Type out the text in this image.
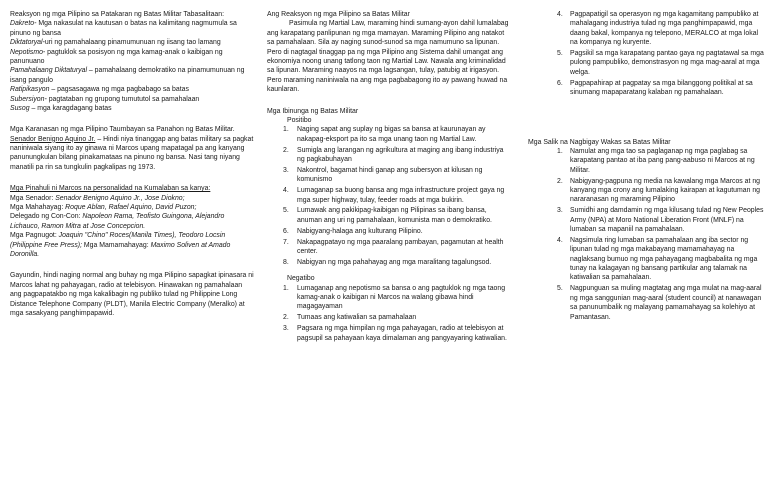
Reaksyon ng mga Pilipino sa Patakaran ng Batas Militar Tabasalitaan:

Dakreto- Mga nakasulat na kautusan o batas na kalimitang nagmumula sa pinuno ng bansa

Diktatoryal-uri ng pamahalaang pinamumunuan ng iisang tao lamang

Nepotismo- pagtuklok sa posisyon ng mga kamag-anak o kaibigan ng panunuano

Pamahalaang Diktaturyal – pamahalaang demokratiko na pinamumunuan ng isang pangulo

Ratipikasyon – pagsasagawa ng mga pagbabago sa batas

Subersiyon- pagtataban ng grupong tumututol sa pamahalaan

Susog – mga karagdagang batas

Mga Karanasan ng mga Pilipino Taumbayan sa Panahon ng Batas Militar.

Senador Benigno Aquino Jr. – Hindi niya tinanggap ang batas military sa pagkat naniniwala siyang ito ay ginawa ni Marcos upang mapatagal pa ang kanyang panunungkulan bilang pinakamataas na pinuno ng bansa. Nasi tang niyang manatili pa rin sa tungkulin pagkalipas ng 1973.

Mga Pinahuli ni Marcos na personalidad na Kumalaban sa kanya:

Mga Senador: Senador Benigno Aquino Jr., Jose Diokno;
Mga Mahahayag: Roque Ablan, Rafael Aquino, David Puzon;
Delegado ng Con-Con: Napoleon Rama, Teofisto Guingona, Alejandro Lichauco, Ramon Mitra at Jose Concepcion.
Mga Pagnugot: Joaquin "Chino" Roces(Manila Times), Teodoro Locsin (Philippine Free Press); Mga Mamamahayag: Maximo Soliven at Amado Doronilla.

Gayundin, hindi naging normal ang buhay ng mga Pilipino sapagkat ipinasara ni Marcos lahat ng pahayagan, radio at telebisyon. Hinawakan ng pamahalaan ang pagpapatakbo ng mga kakalibagin ng publiko tulad ng Philippine Long Distance Telephone Company (PLDT), Manila Electric Company (Meralko) at mga sasakyang panghimpapawid.

Ang Reaksyon ng mga Pilipino sa Batas Militar

Pasimula ng Martial Law, maraming hindi sumang-ayon dahil lumalabag ang karapatang panlipunan ng mga mamayan. Maraming Pilipino ang natakot sa pamahalaan. Sila ay naging sunod-sunod sa mga namumuno sa lipunan. Pero di nagtagal tinaggap pa ng mga Pilipino ang Sistema dahil umangat ang ekonomiya noong unang tatlong taon ng Martial Law. Nawala ang kriminalidad sa lipunan. Maraming naayos na mga lagsangan, tulay, patubig at irigasyon. Pero maraming naniniwala na ang mga pagbabagong ito ay pawang huwad na kaunlaran.

Mga Ibinunga ng Batas Militar

Positibo

1. Naging sapat ang suplay ng bigas sa bansa at kaurunayan ay nakapag-eksport pa ito sa mga unang taon ng Martial Law.
2. Sumigla ang larangan ng agrikultura at maging ang ibang industriya ng pagkabuhayan
3. Nakontrol, bagamat hindi ganap ang subersyon at kilusan ng komunismo
4. Lumaganap sa buong bansa ang mga infrastructure project gaya ng mga super highway, tulay, feeder roads at mga bukirin.
5. Lumawak ang pakikipag-kaibigan ng Pilipinas sa ibang bansa, anuman ang uri ng pamahalaan, komunista man o demokratiko.
6. Nabigyang-halaga ang kulturang Pilipino.
7. Nakapagpatayo ng mga paaralang pambayan, pagamutan at health center.
8. Nabigyan ng mga pahahayag ang mga maralitang tagalungsod.

Negatibo

1. Lumaganap ang nepotismo sa bansa o ang pagtuklok ng mga taong kamag-anak o kaibigan ni Marcos na walang gibawa hindi magagayaman
2. Tumaas ang katiwalian sa pamahalaan
3. Pagsara ng mga himpilan ng mga pahayagan, radio at telebisyon at pagsupil sa pahayaan kaya dimalaman ang pangyayaring katiwalian.
4. Pagpapatigil sa operasyon ng mga kagamitang pampubliko at mahalagang industriya tulad ng mga panghimpapawid, mga daang bakal, kompanya ng telepono, MERALCO at mga lokal na kompanya ng kuryente.
5. Pagsikil sa mga karapatang pantao gaya ng pagtatawal sa mga pulong pampubliko, demonstrasyon ng mga mag-aaral at mga welga.
6. Pagpapahirap at pagpatay sa mga bilanggong politikal at sa sinumang mapaparatang kalaban ng pamahalaan.

Mga Salik na Nagbigay Wakas sa Batas Militar

1. Namulat ang mga tao sa paglaganap ng mga paglabag sa karapatang pantao at iba pang pang-aabuso ni Marcos at ng Militar.
2. Nabigyang-pagpuna ng media na kawalang mga Marcos at ng kanyang mga crony ang lumalaking kairapan at kagutuman ng nararanasan ng maraming Pilipino
3. Sumidhi ang damdamin ng mga kilusang tulad ng New Peoples Army (NPA) at Moro National Liberation Front (MNLF) na lumaban sa mapaniil na pamahalaan.
4. Nagsimula ring lumaban sa pamahalaan ang iba sector ng lipunan tulad ng mga makabayang mamamahayag na naglaksang bumuo ng mga pahayagang magbabalita ng mga tunay na kalagayan ng bansang partikular ang talamak na katiwalian sa pamahalaan.
5. Nagpunguan sa muling magtatag ang mga mulat na mag-aaral ng mga sanggunian mag-aaral (student council) at nanawagan sa panunumbalik ng malayang pamamahayag sa kolehiyo at Pamantasan.
